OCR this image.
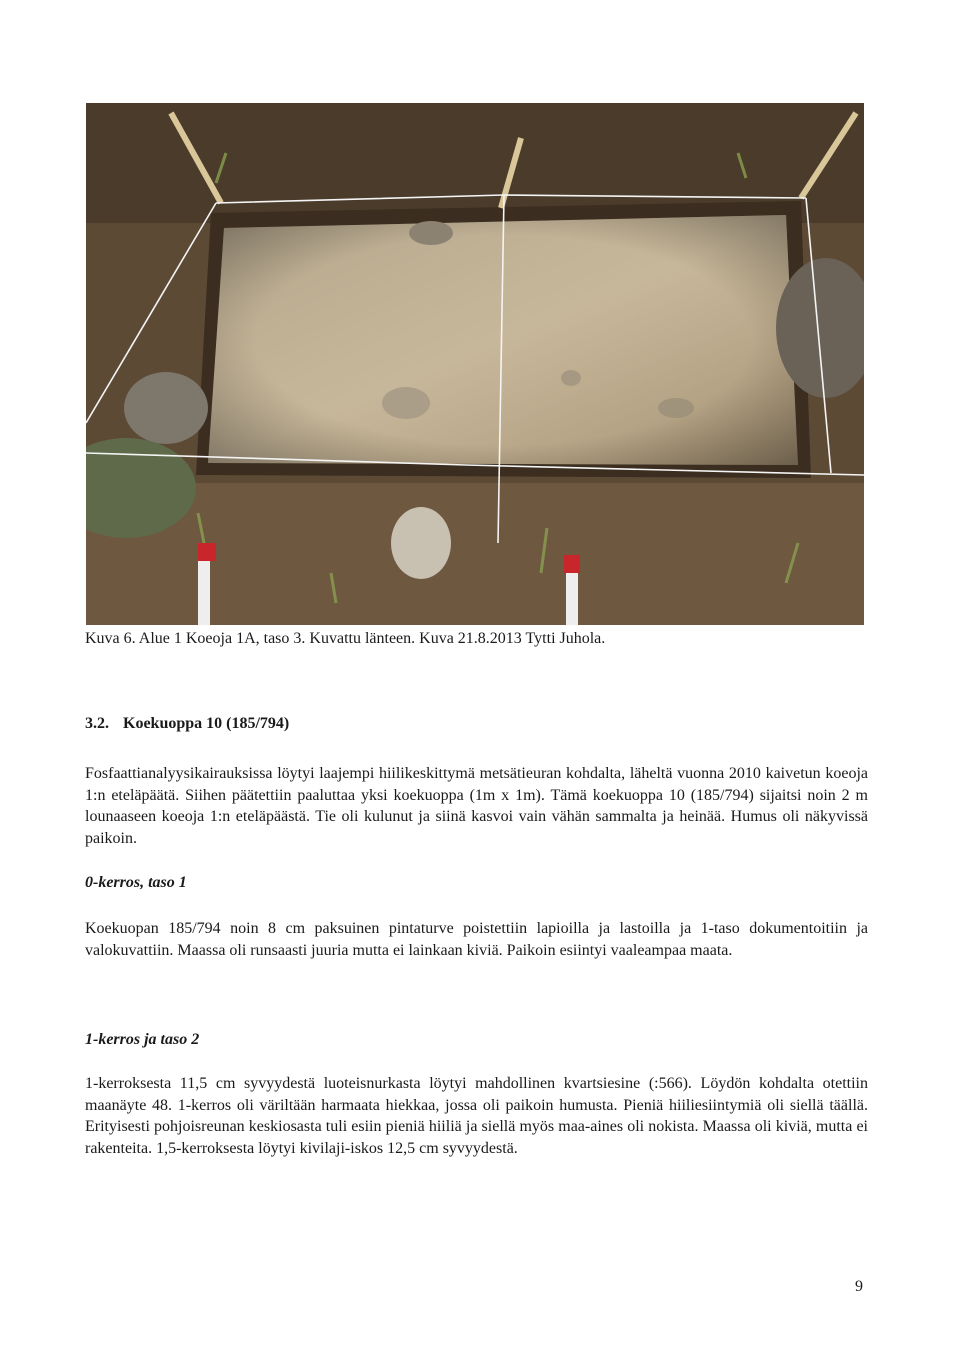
Kuva 6. Alue 1 Koeoja 1A, taso 3. Kuvattu länteen. Kuva 21.8.2013 Tytti Juhola.
3.2. Koekuoppa 10 (185/794)

Fosfaattianalyysikairauksissa löytyi laajempi hiilikeskittymä metsätieuran kohdalta, läheltä vuonna 2010 kaivetun koeoja 1:n eteläpäätä. Siihen päätettiin paaluttaa yksi koekuoppa (1m x 1m). Tämä koekuoppa 10 (185/794) sijaitsi noin 2 m lounaaseen koeoja 1:n eteläpäästä. Tie oli kulunut ja siinä kasvoi vain vähän sammalta ja heinää. Humus oli näkyvissä paikoin.

0-kerros, taso 1

Koekuopan 185/794 noin 8 cm paksuinen pintaturve poistettiin lapioilla ja lastoilla ja 1-taso dokumentoitiin ja valokuvattiin. Maassa oli runsaasti juuria mutta ei lainkaan kiviä. Paikoin esiintyi vaaleampaa maata.

1-kerros ja taso 2

1-kerroksesta 11,5 cm syvyydestä luoteisnurkasta löytyi mahdollinen kvartsiesine (:566). Löydön kohdalta otettiin maanäyte 48. 1-kerros oli väriltään harmaata hiekkaa, jossa oli paikoin humusta. Pieniä hiiliesiintymiä oli siellä täällä. Erityisesti pohjoisreunan keskiosasta tuli esiin pieniä hiiliä ja siellä myös maa-aines oli nokista. Maassa oli kiviä, mutta ei rakenteita. 1,5-kerroksesta löytyi kivilaji-iskos 12,5 cm syvyydestä.

9
